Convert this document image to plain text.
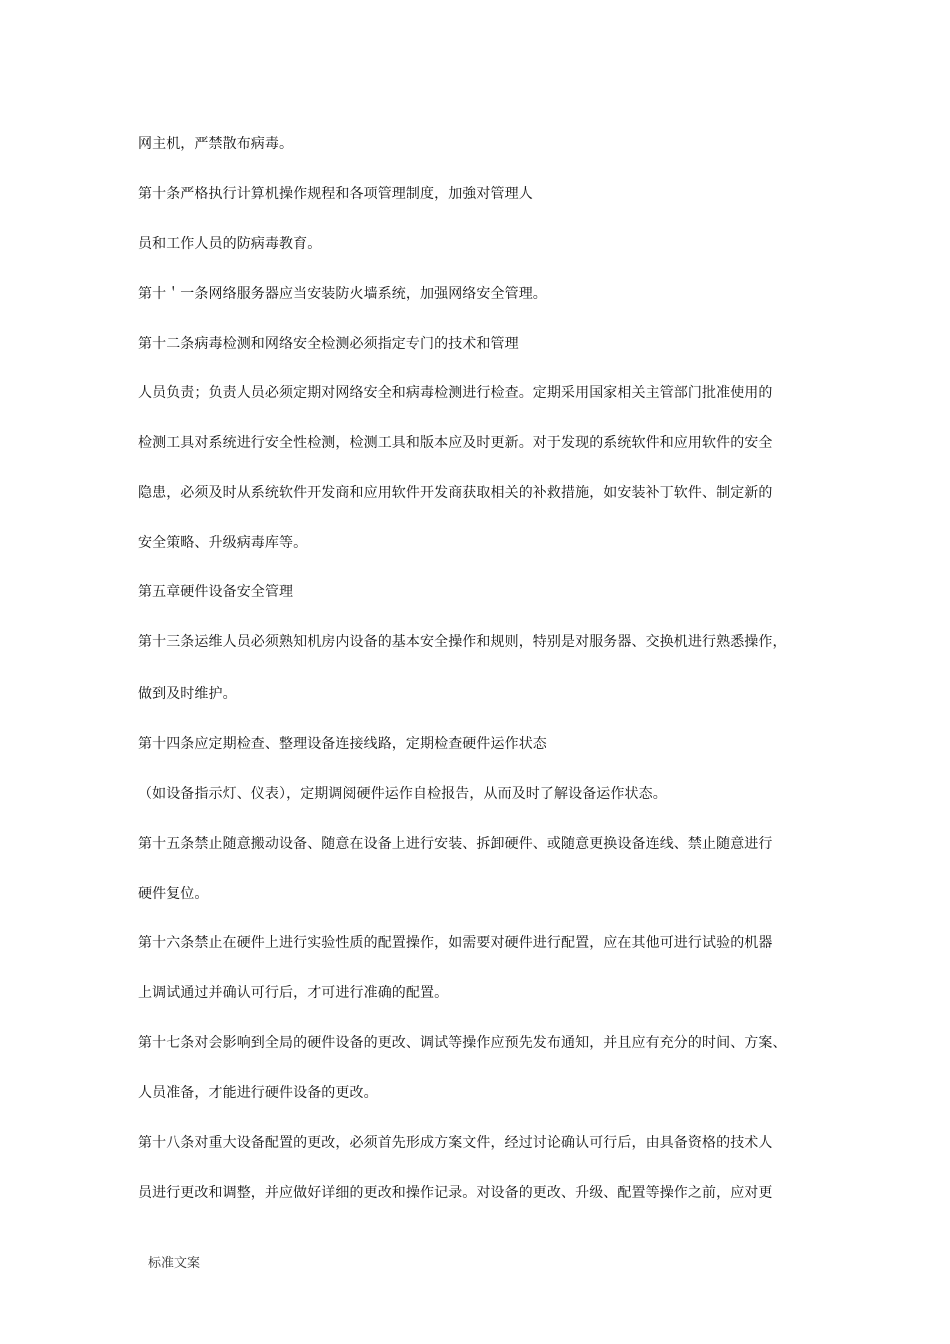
网主机，严禁散布病毒。
第十条严格执行计算机操作规程和各项管理制度，加強对管理人
员和工作人员的防病毒教育。
第十＇一条网络服务器应当安装防火墙系统，加强网络安全管理。
第十二条病毒检测和网络安全检测必须指定专门的技术和管理
人员负责；负责人员必须定期对网络安全和病毒检测进行检查。定期采用国家相关主管部门批准使用的
检测工具对系统进行安全性检测，检测工具和版本应及时更新。对于发现的系统软件和应用软件的安全
隐患，必须及时从系统软件开发商和应用软件开发商获取相关的补救措施，如安装补丁软件、制定新的
安全策略、升级病毒库等。
第五章硬件设备安全管理
第十三条运维人员必须熟知机房内设备的基本安全操作和规则，特别是对服务器、交换机进行熟悉操作，
做到及时维护。
第十四条应定期检查、整理设备连接线路，定期检查硬件运作状态
（如设备指示灯、仪表），定期调阅硬件运作自检报告，从而及时了解设备运作状态。
第十五条禁止随意搬动设备、随意在设备上进行安装、拆卸硬件、或随意更换设备连线、禁止随意进行
硬件复位。
第十六条禁止在硬件上进行实验性质的配置操作，如需要对硬件进行配置，应在其他可进行试验的机器
上调试通过并确认可行后，才可进行准确的配置。
第十七条对会影响到全局的硬件设备的更改、调试等操作应预先发布通知，并且应有充分的时间、方案、
人员准备，才能进行硬件设备的更改。
第十八条对重大设备配置的更改，必须首先形成方案文件，经过讨论确认可行后，由具备资格的技术人
员进行更改和调整，并应做好详细的更改和操作记录。对设备的更改、升级、配置等操作之前，应对更
标准文案
